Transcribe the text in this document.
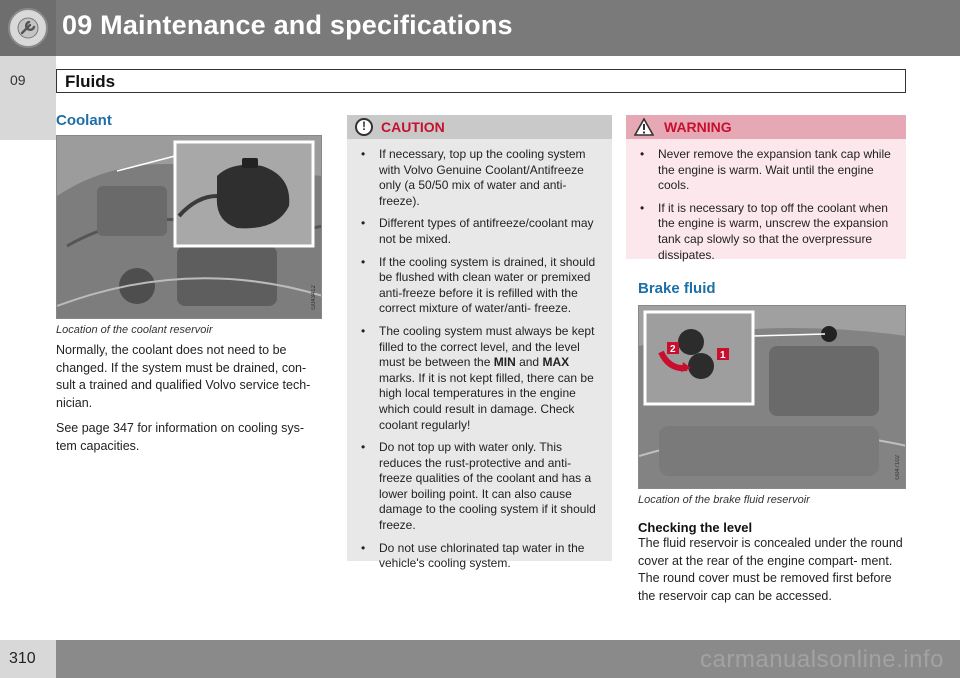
09 Maintenance and specifications
09 Fluids
Coolant
G043412
Location of the coolant reservoir

Normally, the coolant does not need to be changed. If the system must be drained, con- sult a trained and qualified Volvo service tech- nician.

See page 347 for information on cooling sys- tem capacities.

! CAUTION
• If necessary, top up the cooling system with Volvo Genuine Coolant/Antifreeze only (a 50/50 mix of water and anti- freeze).
• Different types of antifreeze/coolant may not be mixed.
• If the cooling system is drained, it should be flushed with clean water or premixed anti-freeze before it is refilled with the correct mixture of water/anti- freeze.
• The cooling system must always be kept filled to the correct level, and the level must be between the MIN and MAX marks. If it is not kept filled, there can be high local temperatures in the engine which could result in damage. Check coolant regularly!
• Do not top up with water only. This reduces the rust-protective and anti- freeze qualities of the coolant and has a lower boiling point. It can also cause damage to the cooling system if it should freeze.
• Do not use chlorinated tap water in the vehicle's cooling system.
WARNING
• Never remove the expansion tank cap while the engine is warm. Wait until the engine cools.
• If it is necessary to top off the coolant when the engine is warm, unscrew the expansion tank cap slowly so that the overpressure dissipates.
Brake fluid
1
2
G047102
Location of the brake fluid reservoir
Checking the level
The fluid reservoir is concealed under the round cover at the rear of the engine compart- ment. The round cover must be removed first before the reservoir cap can be accessed.
310	carmanualsonline.info
